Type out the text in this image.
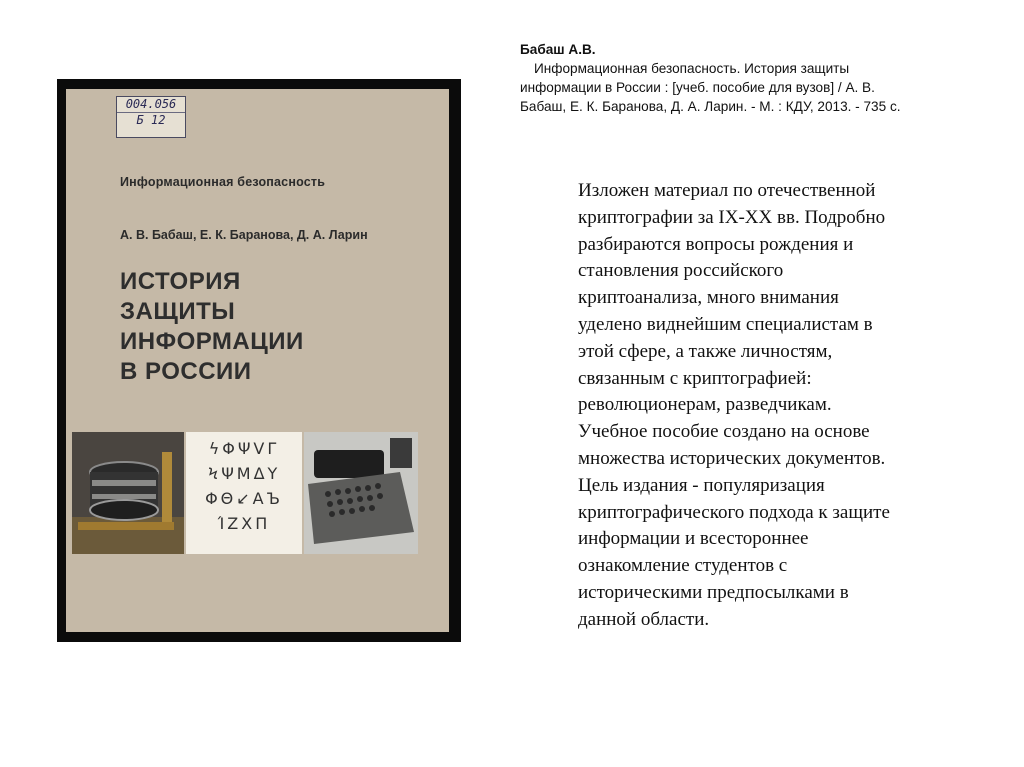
Бабаш А.В.
Информационная безопасность. История защиты
информации в России : [учеб. пособие для вузов] / А. В.
Бабаш, Е. К. Баранова, Д. А. Ларин. - М. : КДУ, 2013. - 735 с.

Изложен материал по отечественной
криптографии за IX-XX вв. Подробно
разбираются вопросы рождения и
становления российского
криптоанализа, много внимания
уделено виднейшим специалистам в
этой сфере, а также личностям,
связанным с криптографией:
революционерам, разведчикам.
Учебное пособие создано на основе
множества исторических документов.
Цель издания - популяризация
криптографического подхода к защите
информации и всестороннее
ознакомление студентов с
историческими предпосылками в
данной области.

004.056
Б 12
Информационная безопасность
А. В. Бабаш, Е. К. Баранова, Д. А. Ларин
ИСТОРИЯ
ЗАЩИТЫ
ИНФОРМАЦИИ
В РОССИИ
ϟΦΨVΓ
ϞΨΜΔΥ
ΦΘ↙ΑЪ
ΊΖΧΠ
